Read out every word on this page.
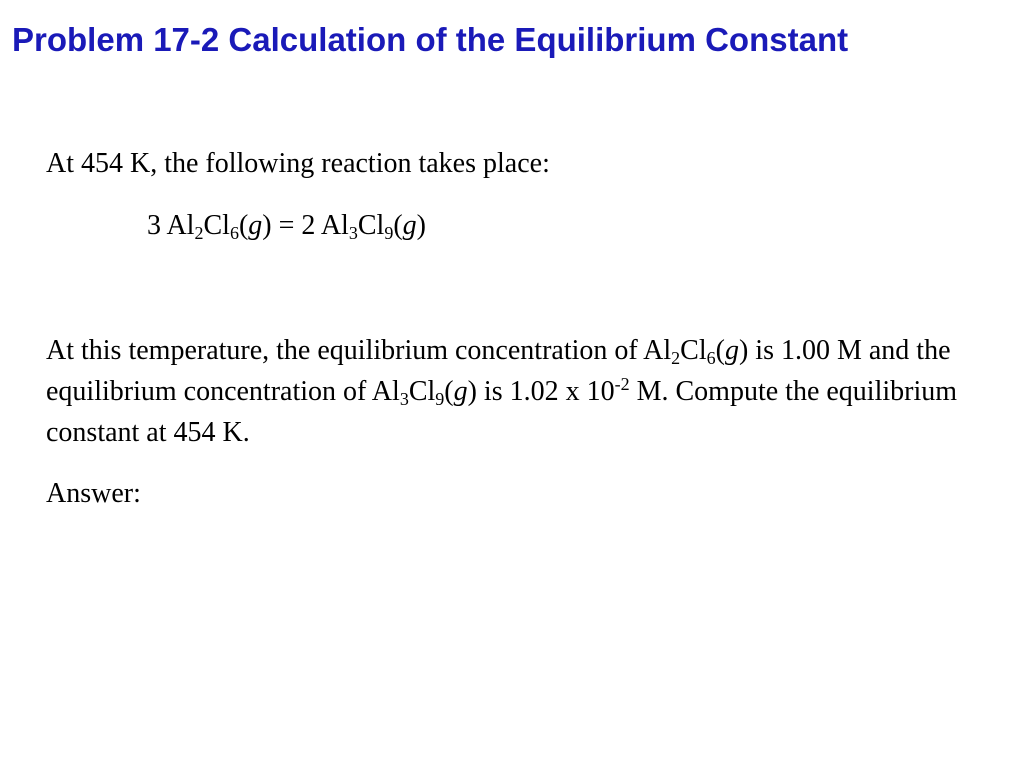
Problem 17-2 Calculation of the Equilibrium Constant

At 454 K, the following reaction takes place:

3 $Al_2Cl_6(g) = 2$ $Al_3Cl_9(g)$

At this temperature, the equilibrium concentration of $Al_2Cl_6(g)$ is 1.00 M and the equilibrium concentration of $Al_3Cl_9(g)$ is 1.02 x $10^{-2}$ M. Compute the equilibrium constant at 454 K.

Answer:
